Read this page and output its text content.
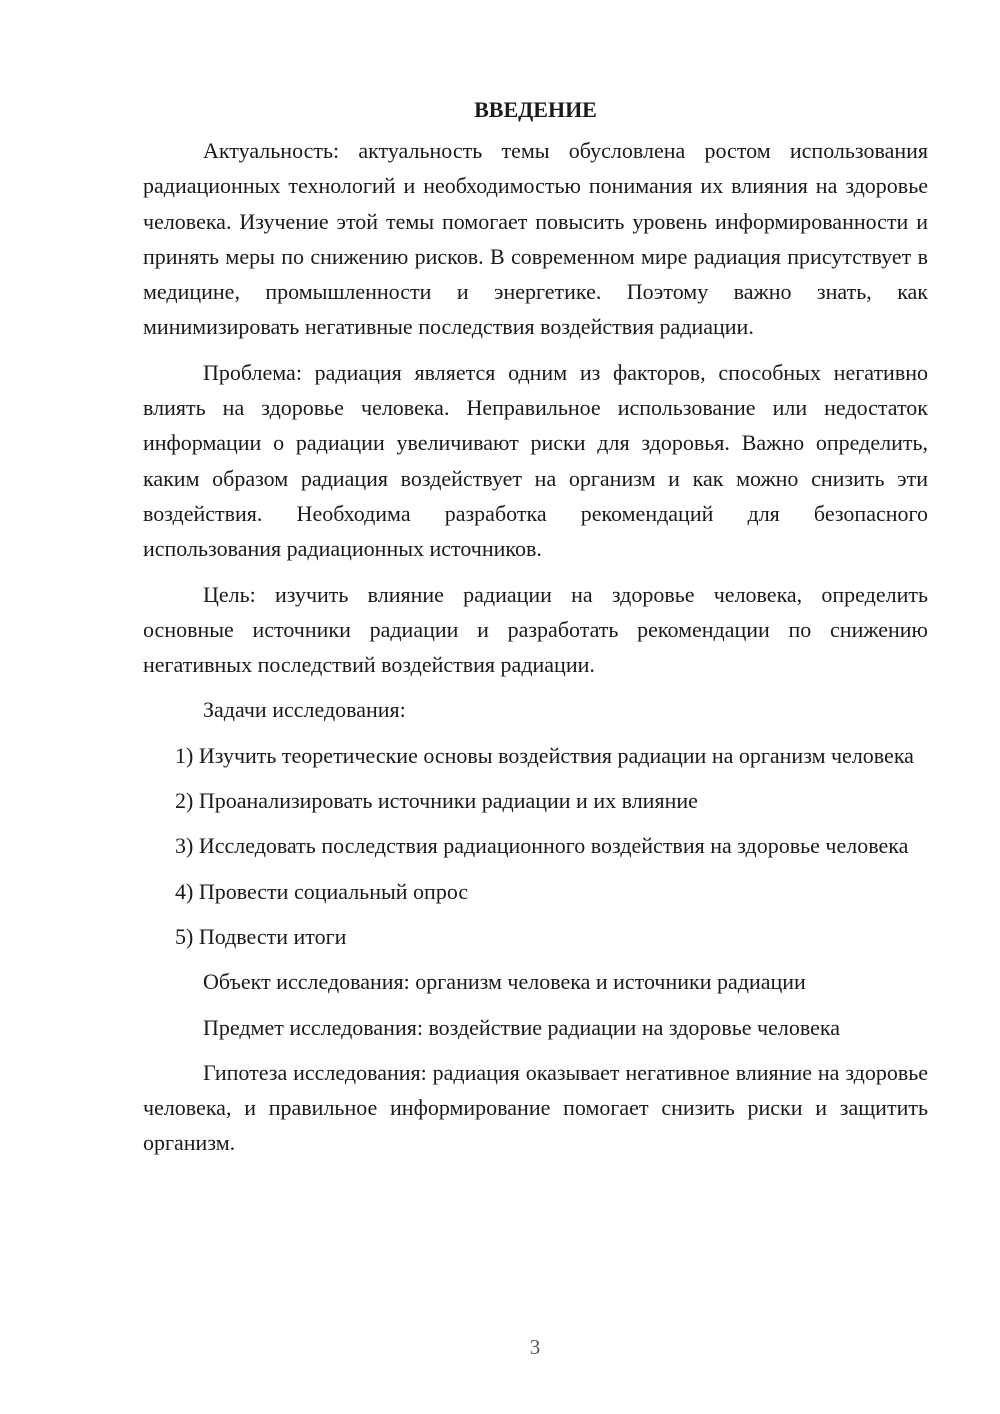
ВВЕДЕНИЕ

Актуальность: актуальность темы обусловлена ростом использования радиационных технологий и необходимостью понимания их влияния на здоровье человека. Изучение этой темы помогает повысить уровень информированности и принять меры по снижению рисков. В современном мире радиация присутствует в медицине, промышленности и энергетике. Поэтому важно знать, как минимизировать негативные последствия воздействия радиации.

Проблема: радиация является одним из факторов, способных негативно влиять на здоровье человека. Неправильное использование или недостаток информации о радиации увеличивают риски для здоровья. Важно определить, каким образом радиация воздействует на организм и как можно снизить эти воздействия. Необходима разработка рекомендаций для безопасного использования радиационных источников.

Цель: изучить влияние радиации на здоровье человека, определить основные источники радиации и разработать рекомендации по снижению негативных последствий воздействия радиации.

Задачи исследования:

1) Изучить теоретические основы воздействия радиации на организм человека

2) Проанализировать источники радиации и их влияние

3) Исследовать последствия радиационного воздействия на здоровье человека

4) Провести социальный опрос

5) Подвести итоги

Объект исследования: организм человека и источники радиации

Предмет исследования: воздействие радиации на здоровье человека

Гипотеза исследования: радиация оказывает негативное влияние на здоровье человека, и правильное информирование помогает снизить риски и защитить организм.

3
